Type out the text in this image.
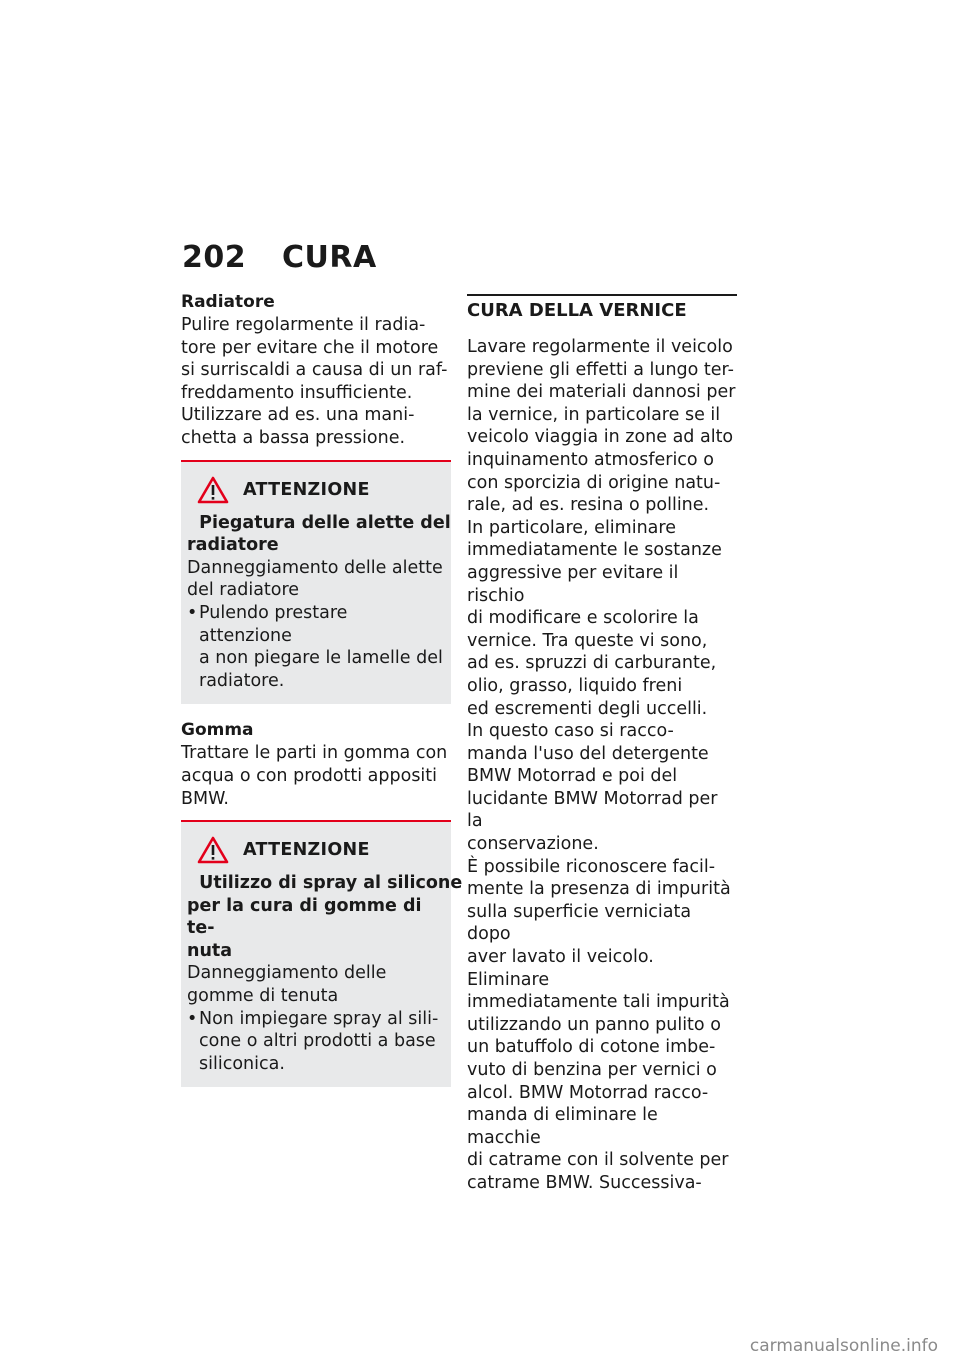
202 CURA

Radiatore

Pulire regolarmente il radia-

tore per evitare che il motore

si surriscaldi a causa di un raf-

freddamento insufficiente.

Utilizzare ad es. una mani-

chetta a bassa pressione.

ATTENZIONE

Piegatura delle alette del

radiatore

Danneggiamento delle alette

del radiatore

• Pulendo prestare attenzione

a non piegare le lamelle del

radiatore.

Gomma

Trattare le parti in gomma con

acqua o con prodotti appositi

BMW.

ATTENZIONE

Utilizzo di spray al silicone

per la cura di gomme di te-

nuta

Danneggiamento delle

gomme di tenuta

• Non impiegare spray al sili-

cone o altri prodotti a base

siliconica.

CURA DELLA VERNICE

Lavare regolarmente il veicolo

previene gli effetti a lungo ter-

mine dei materiali dannosi per

la vernice, in particolare se il

veicolo viaggia in zone ad alto

inquinamento atmosferico o

con sporcizia di origine natu-

rale, ad es. resina o polline.

In particolare, eliminare

immediatamente le sostanze

aggressive per evitare il rischio

di modificare e scolorire la

vernice. Tra queste vi sono,

ad es. spruzzi di carburante,

olio, grasso, liquido freni

ed escrementi degli uccelli.

In questo caso si racco-

manda l'uso del detergente

BMW Motorrad e poi del

lucidante BMW Motorrad per la

conservazione.

È possibile riconoscere facil-

mente la presenza di impurità

sulla superficie verniciata dopo

aver lavato il veicolo. Eliminare

immediatamente tali impurità

utilizzando un panno pulito o

un batuffolo di cotone imbe-

vuto di benzina per vernici o

alcol. BMW Motorrad racco-

manda di eliminare le macchie

di catrame con il solvente per

catrame BMW. Successiva-

carmanualsonline.info
